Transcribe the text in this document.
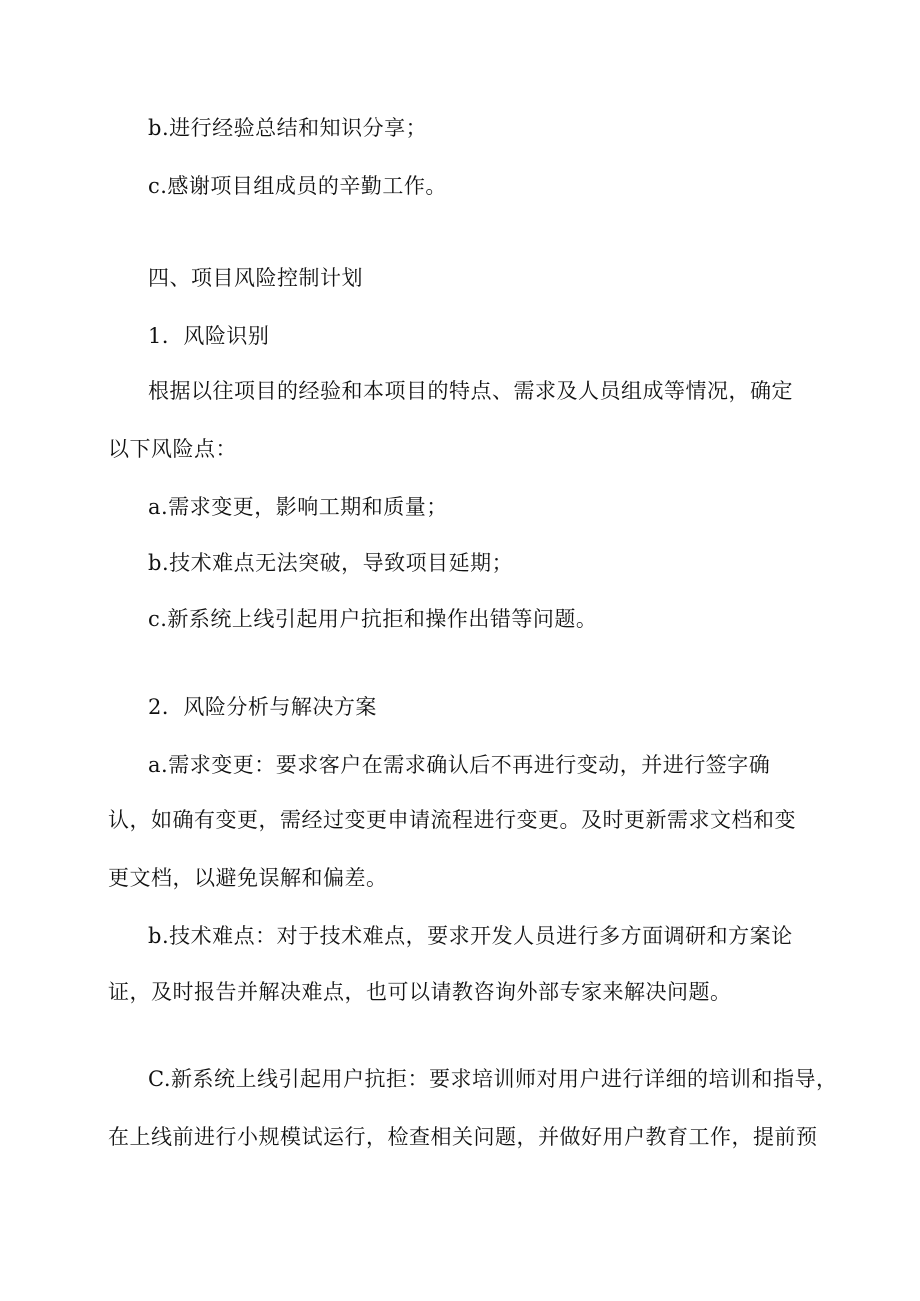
b.进行经验总结和知识分享；
c.感谢项目组成员的辛勤工作。
四、项目风险控制计划
1．风险识别
根据以往项目的经验和本项目的特点、需求及人员组成等情况，确定
以下风险点：
a.需求变更，影响工期和质量；
b.技术难点无法突破，导致项目延期；
c.新系统上线引起用户抗拒和操作出错等问题。
2．风险分析与解决方案
a.需求变更：要求客户在需求确认后不再进行变动，并进行签字确
认，如确有变更，需经过变更申请流程进行变更。及时更新需求文档和变
更文档，以避免误解和偏差。
b.技术难点：对于技术难点，要求开发人员进行多方面调研和方案论
证，及时报告并解决难点，也可以请教咨询外部专家来解决问题。
C.新系统上线引起用户抗拒：要求培训师对用户进行详细的培训和指导，
在上线前进行小规模试运行，检查相关问题，并做好用户教育工作，提前预
